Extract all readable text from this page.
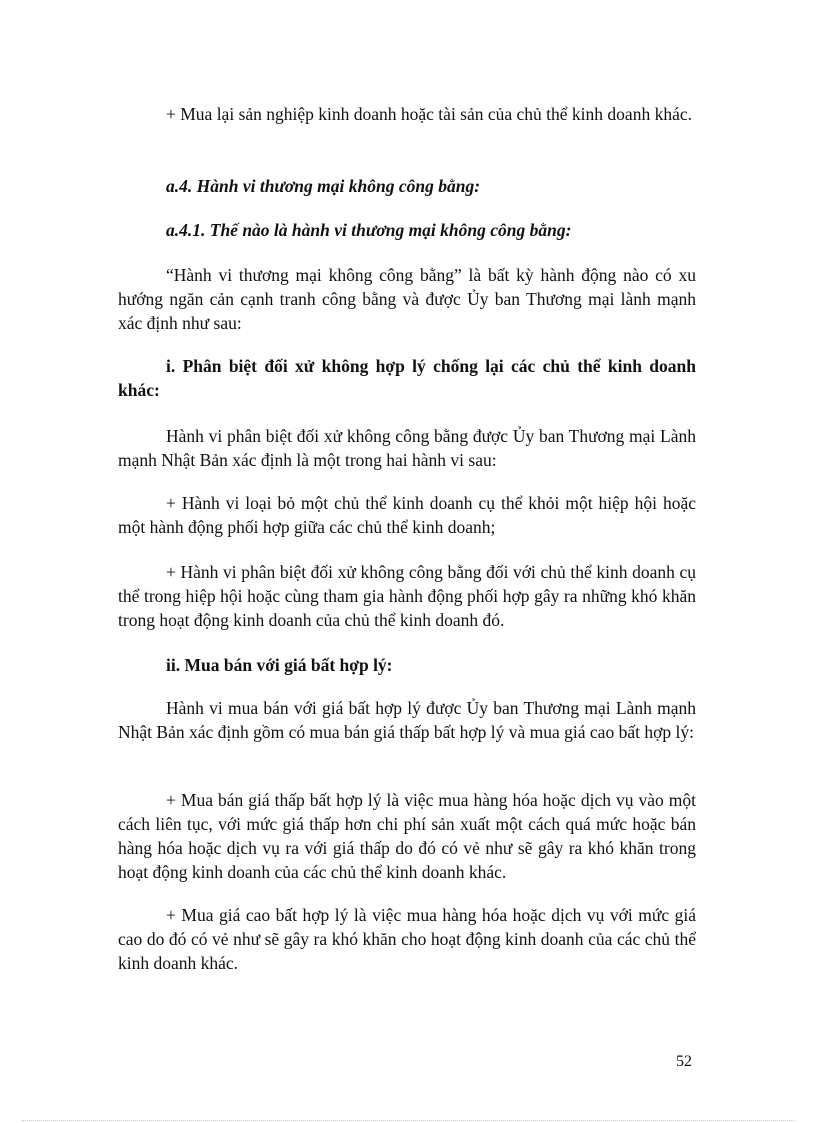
+ Mua lại sản nghiệp kinh doanh hoặc tài sản của chủ thể kinh doanh khác.

a.4. Hành vi thương mại không công bằng:

a.4.1. Thế nào là hành vi thương mại không công bằng:

“Hành vi thương mại không công bằng” là bất kỳ hành động nào có xu hướng ngăn cản cạnh tranh công bằng và được Ủy ban Thương mại lành mạnh xác định như sau:

i. Phân biệt đối xử không hợp lý chống lại các chủ thể kinh doanh khác:

Hành vi phân biệt đối xử không công bằng được Ủy ban Thương mại Lành mạnh Nhật Bản xác định là một trong hai hành vi sau:

+ Hành vi loại bỏ một chủ thể kinh doanh cụ thể khỏi một hiệp hội hoặc một hành động phối hợp giữa các chủ thể kinh doanh;

+ Hành vi phân biệt đối xử không công bằng đối với chủ thể kinh doanh cụ thể trong hiệp hội hoặc cùng tham gia hành động phối hợp gây ra những khó khăn trong hoạt động kinh doanh của chủ thể kinh doanh đó.

ii. Mua bán với giá bất hợp lý:

Hành vi mua bán với giá bất hợp lý được Ủy ban Thương mại Lành mạnh Nhật Bản xác định gồm có mua bán giá thấp bất hợp lý và mua giá cao bất hợp lý:

+ Mua bán giá thấp bất hợp lý là việc mua hàng hóa hoặc dịch vụ vào một cách liên tục, với mức giá thấp hơn chi phí sản xuất một cách quá mức hoặc bán hàng hóa hoặc dịch vụ ra với giá thấp do đó có vẻ như sẽ gây ra khó khăn trong hoạt động kinh doanh của các chủ thể kinh doanh khác.

+ Mua giá cao bất hợp lý là việc mua hàng hóa hoặc dịch vụ với mức giá cao do đó có vẻ như sẽ gây ra khó khăn cho hoạt động kinh doanh của các chủ thể kinh doanh khác.

52
